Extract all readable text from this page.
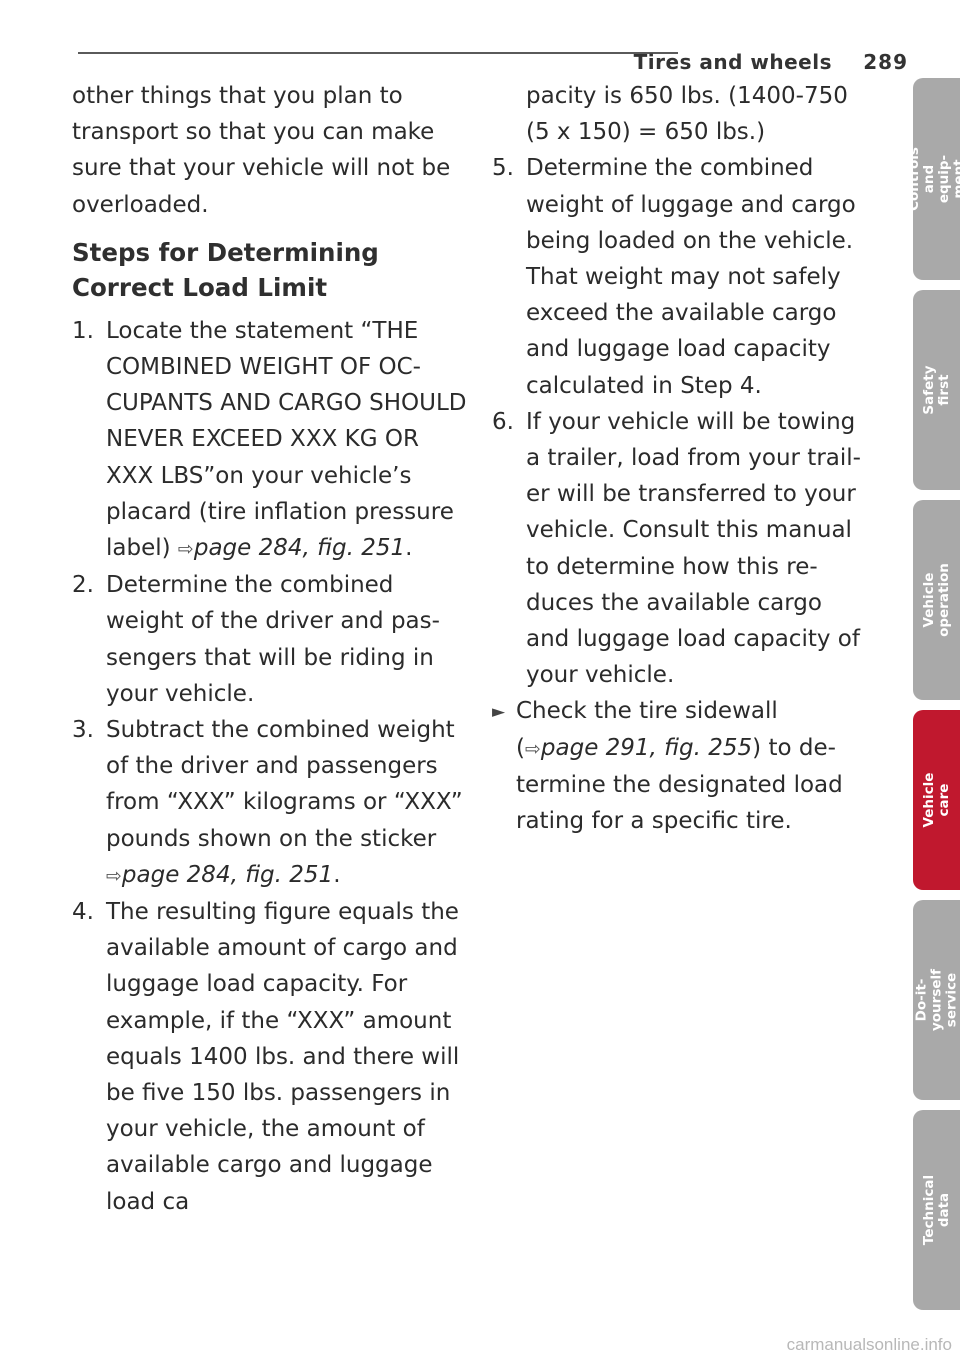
Tires and wheels 289

other things that you plan to transport so that you can make sure that your vehicle will not be overloaded.

Steps for Determining
Correct Load Limit
1. Locate the statement “THE COMBINED WEIGHT OF OCCUPANTS AND CARGO SHOULD NEVER EXCEED XXX KG OR XXX LBS”on your vehicle’s placard (tire inflation pressure label) ⇨page 284, fig. 251.
2. Determine the combined weight of the driver and passengers that will be riding in your vehicle.
3. Subtract the combined weight of the driver and passengers from “XXX” kilograms or “XXX” pounds shown on the sticker ⇨page 284, fig. 251.
4. The resulting figure equals the available amount of cargo and luggage load capacity. For example, if the “XXX” amount equals 1400 lbs. and there will be five 150 lbs. passengers in your vehicle, the amount of available cargo and luggage load ca
pacity is 650 lbs. (1400-750 (5 x 150) = 650 lbs.)
5. Determine the combined weight of luggage and cargo being loaded on the vehicle. That weight may not safely exceed the available cargo and luggage load capacity calculated in Step 4.
6. If your vehicle will be towing a trailer, load from your trailer will be transferred to your vehicle. Consult this manual to determine how this reduces the available cargo and luggage load capacity of your vehicle.
► Check the tire sidewall (⇨page 291, fig. 255) to determine the designated load rating for a specific tire.
Controls and equip-
ment
Safety first
Vehicle operation
Vehicle care
Do-it-yourself
service
Technical data
carmanualsonline.info
